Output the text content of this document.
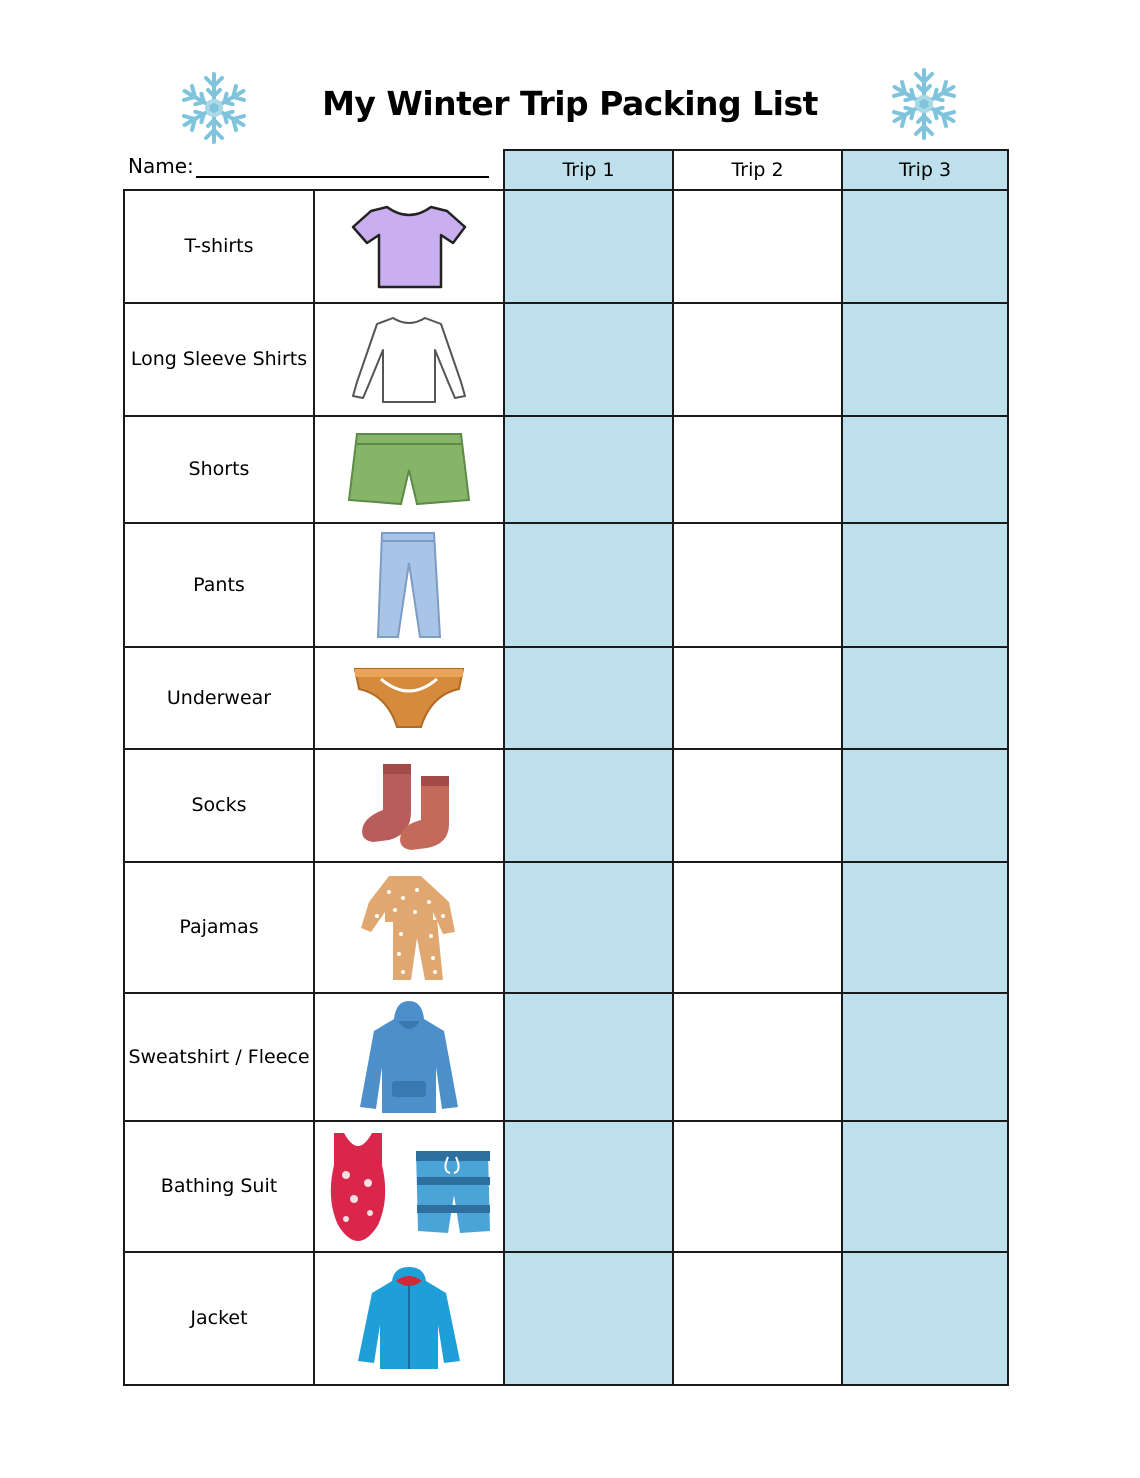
My Winter Trip Packing List
Name:		Trip 1	Trip 2	Trip 3
T-shirts	

Long Sleeve Shirts	

Shorts	

Pants	

Underwear	

Socks	

Pajamas	

Sweatshirt / Fleece	

Bathing Suit	

Jacket	
